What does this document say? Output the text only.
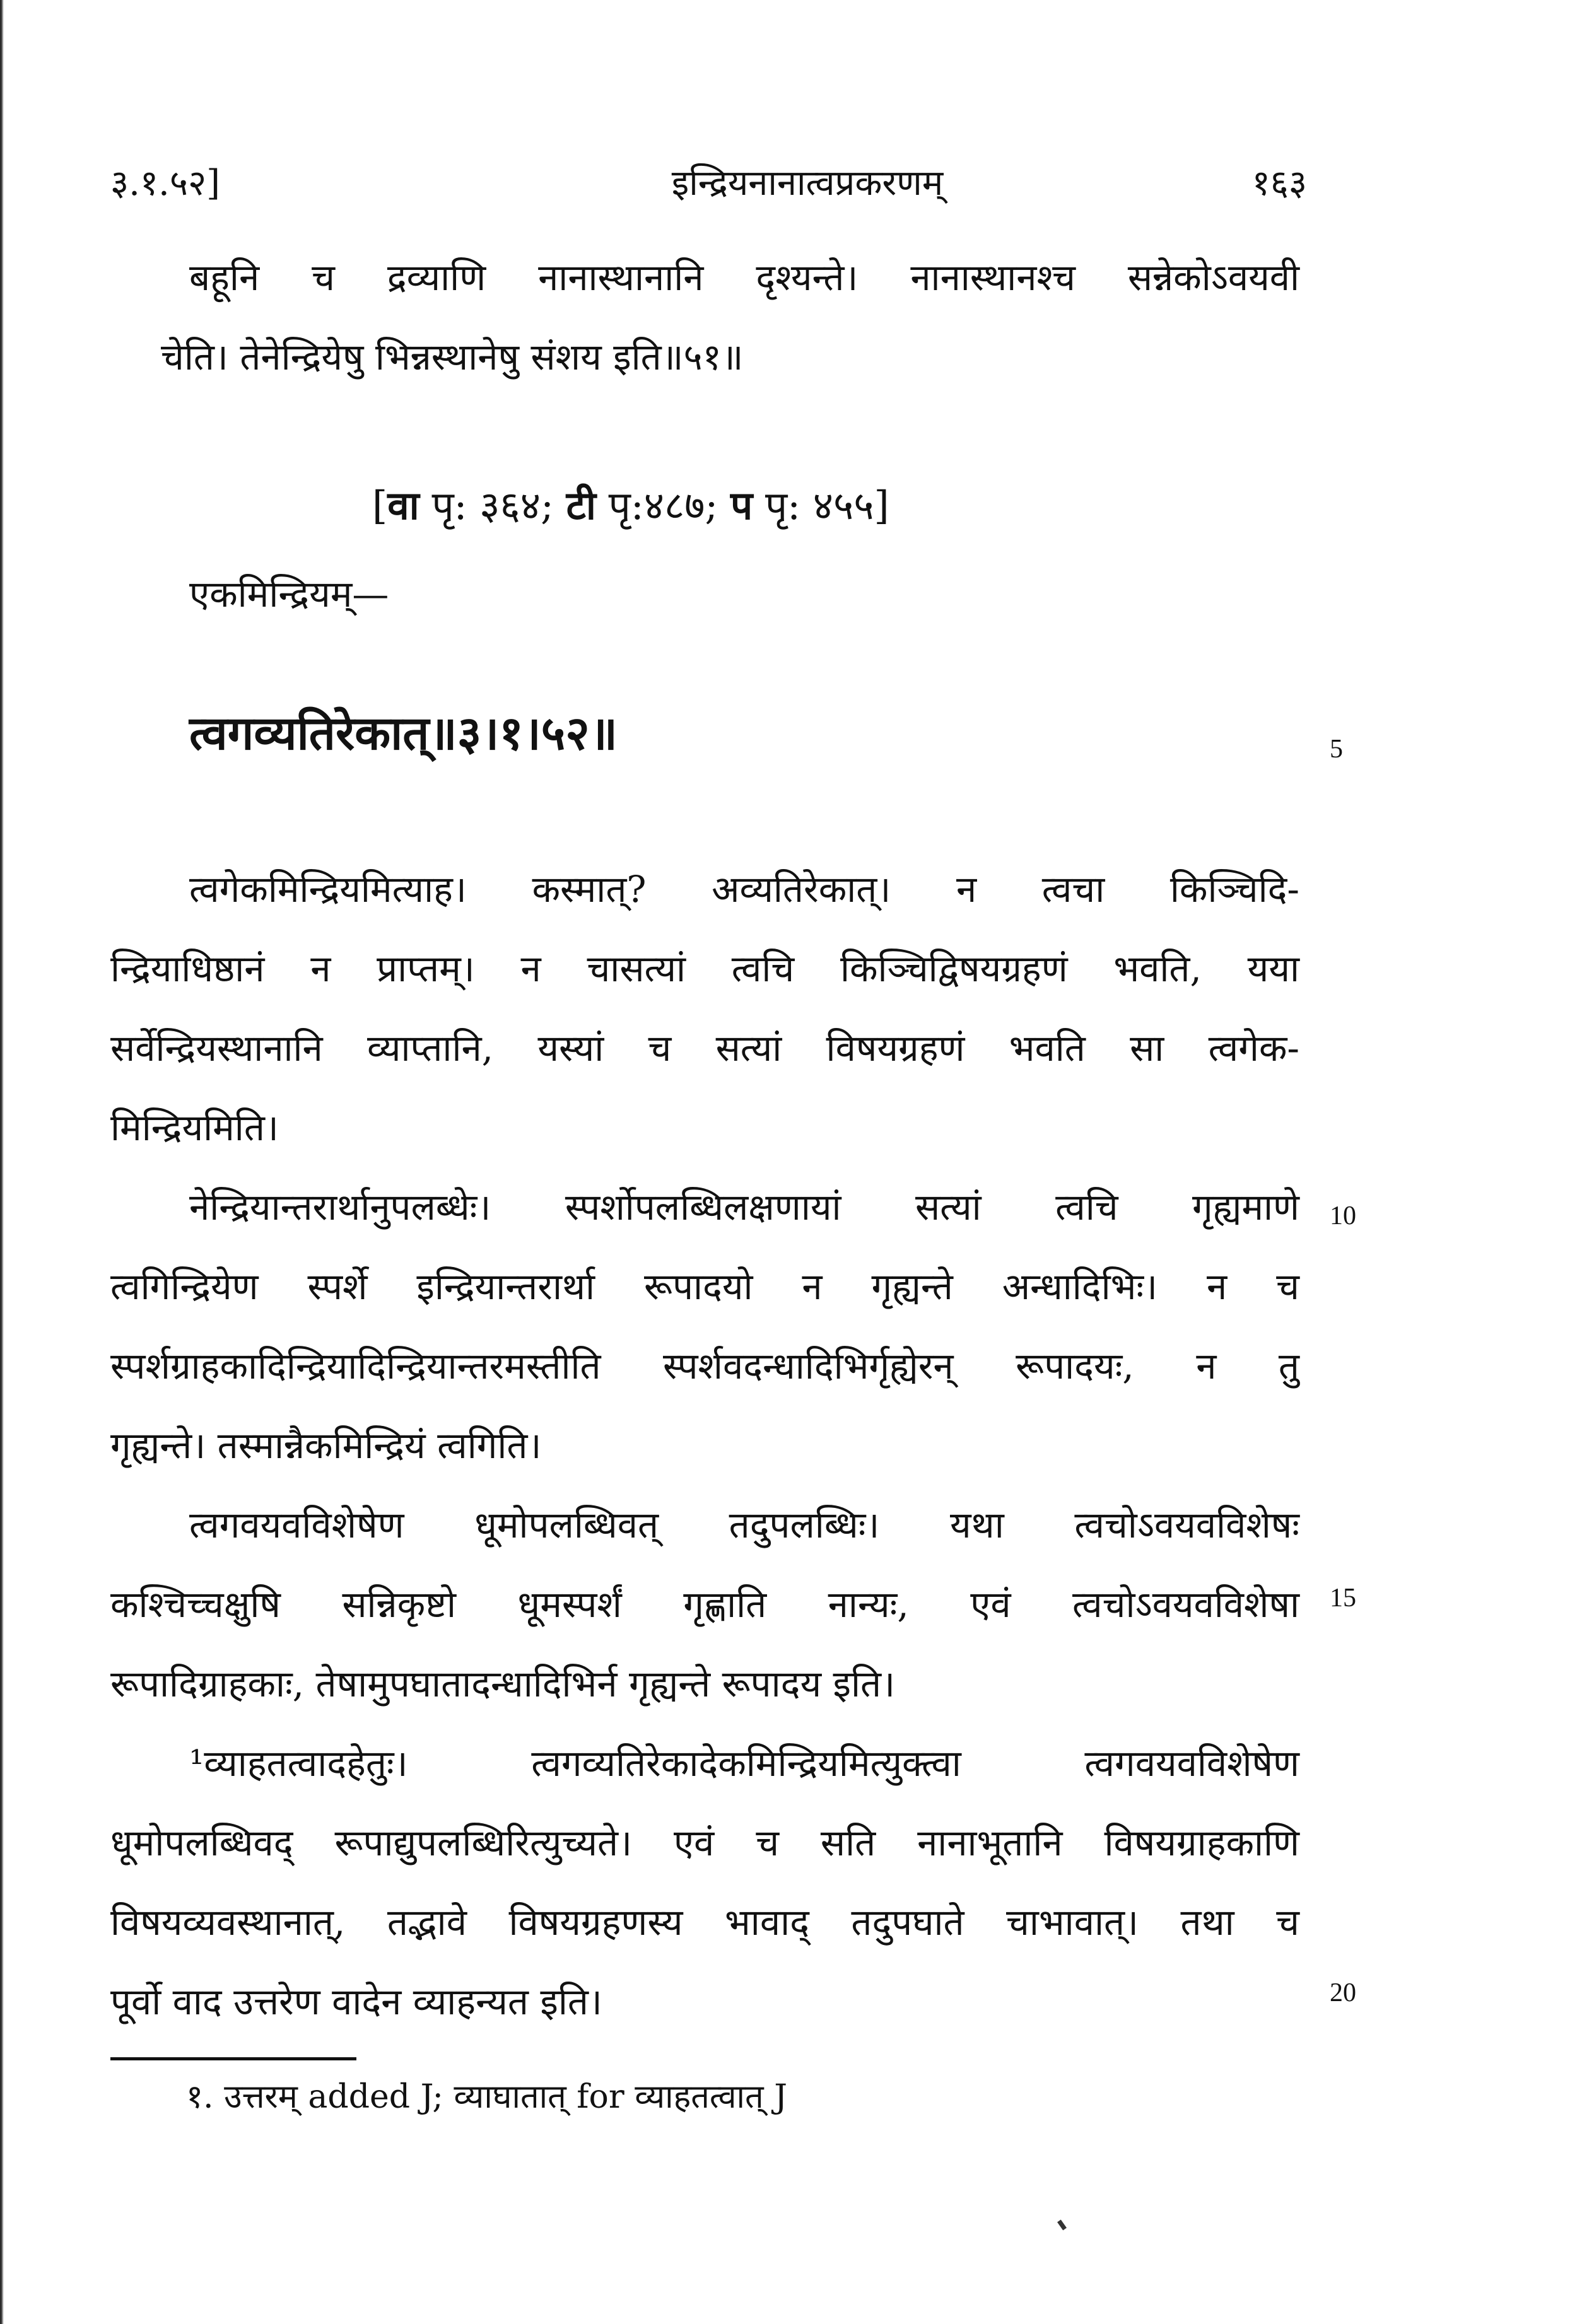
३.१.५२]	इन्द्रियनानात्वप्रकरणम्	१६३
बहूनि च द्रव्याणि नानास्थानानि दृश्यन्ते। नानास्थानश्च सन्नेकोऽवयवी
चेति। तेनेन्द्रियेषु भिन्नस्थानेषु संशय इति॥५१॥
[वा पृ: ३६४; टी पृ:४८७; प पृ: ४५५]
एकमिन्द्रियम्—
त्वगव्यतिरेकात्॥३।१।५२॥	5
त्वगेकमिन्द्रियमित्याह। कस्मात्? अव्यतिरेकात्। न त्वचा किञ्चिदि-
न्द्रियाधिष्ठानं न प्राप्तम्। न चासत्यां त्वचि किञ्चिद्विषयग्रहणं भवति, यया
सर्वेन्द्रियस्थानानि व्याप्तानि, यस्यां च सत्यां विषयग्रहणं भवति सा त्वगेक-
मिन्द्रियमिति।
नेन्द्रियान्तरार्थानुपलब्धेः। स्पर्शोपलब्धिलक्षणायां सत्यां त्वचि गृह्यमाणे
त्वगिन्द्रियेण स्पर्शे इन्द्रियान्तरार्था रूपादयो न गृह्यन्ते अन्धादिभिः। न च
स्पर्शग्राहकादिन्द्रियादिन्द्रियान्तरमस्तीति स्पर्शवदन्धादिभिर्गृह्येरन् रूपादयः, न तु
गृह्यन्ते। तस्मान्नैकमिन्द्रियं त्वगिति।
10
त्वगवयवविशेषेण धूमोपलब्धिवत् तदुपलब्धिः। यथा त्वचोऽवयवविशेषः
कश्चिच्चक्षुषि सन्निकृष्टो धूमस्पर्शं गृह्णाति नान्यः, एवं त्वचोऽवयवविशेषा
रूपादिग्राहकाः, तेषामुपघातादन्धादिभिर्न गृह्यन्ते रूपादय इति।
15
¹व्याहतत्वादहेतुः। त्वगव्यतिरेकादेकमिन्द्रियमित्युक्त्वा त्वगवयवविशेषेण
धूमोपलब्धिवद् रूपाद्युपलब्धिरित्युच्यते। एवं च सति नानाभूतानि विषयग्राहकाणि
विषयव्यवस्थानात्, तद्भावे विषयग्रहणस्य भावाद् तदुपघाते चाभावात्। तथा च
पूर्वो वाद उत्तरेण वादेन व्याहन्यत इति।	20
१. उत्तरम् added J; व्याघातात् for व्याहतत्वात् J
